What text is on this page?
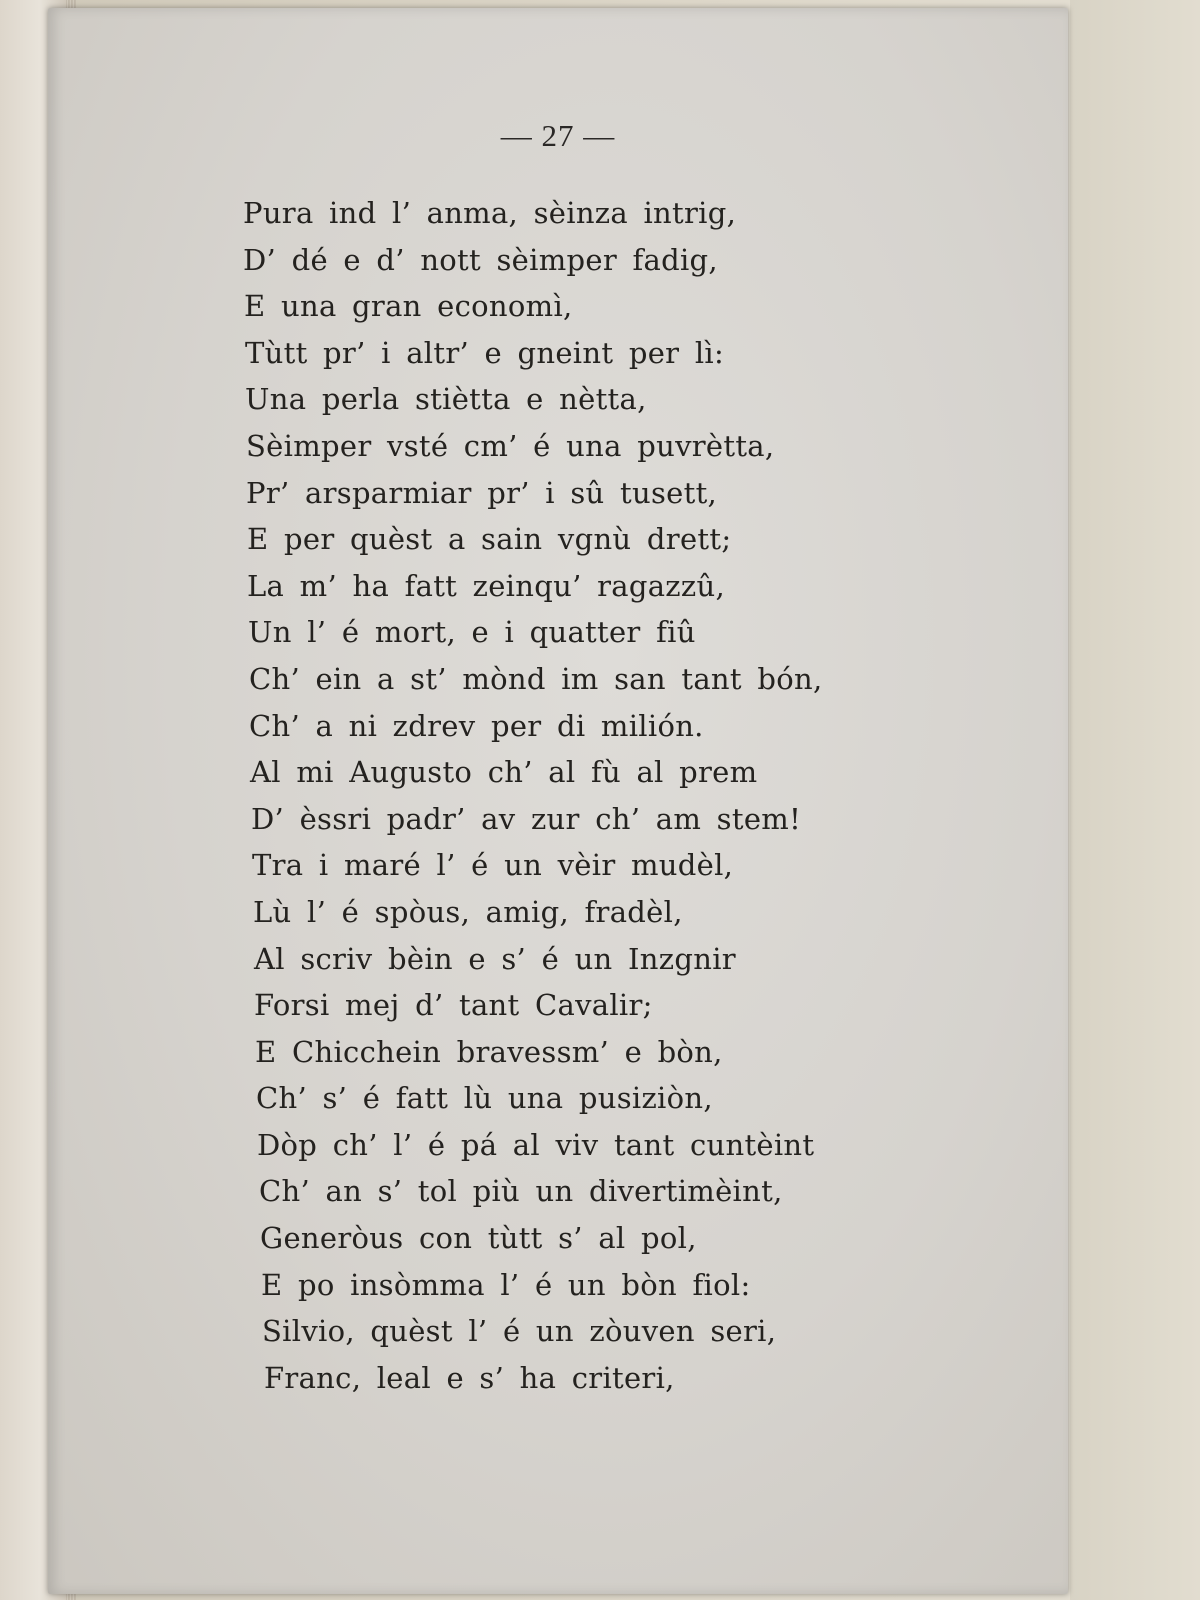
— 27 —
Pura ind l’ anma, sèinza intrig,
D’ dé e d’ nott sèimper fadig,
E una gran economì,
Tùtt pr’ i altr’ e gneint per lì:
Una perla stiètta e nètta,
Sèimper vsté cm’ é una puvrètta,
Pr’ arsparmiar pr’ i sû tusett,
E per quèst a sain vgnù drett;
La m’ ha fatt zeinqu’ ragazzû,
Un l’ é mort, e i quatter fiû
Ch’ ein a st’ mònd im san tant bón,
Ch’ a ni zdrev per di milión.
Al mi Augusto ch’ al fù al prem
D’ èssri padr’ av zur ch’ am stem!
Tra i maré l’ é un vèir mudèl,
Lù l’ é spòus, amig, fradèl,
Al scriv bèin e s’ é un Inzgnir
Forsi mej d’ tant Cavalir;
E Chicchein bravessm’ e bòn,
Ch’ s’ é fatt lù una pusiziòn,
Dòp ch’ l’ é pá al viv tant cuntèint
Ch’ an s’ tol più un divertimèint,
Generòus con tùtt s’ al pol,
E po insòmma l’ é un bòn fiol:
Silvio, quèst l’ é un zòuven seri,
Franc, leal e s’ ha criteri,
